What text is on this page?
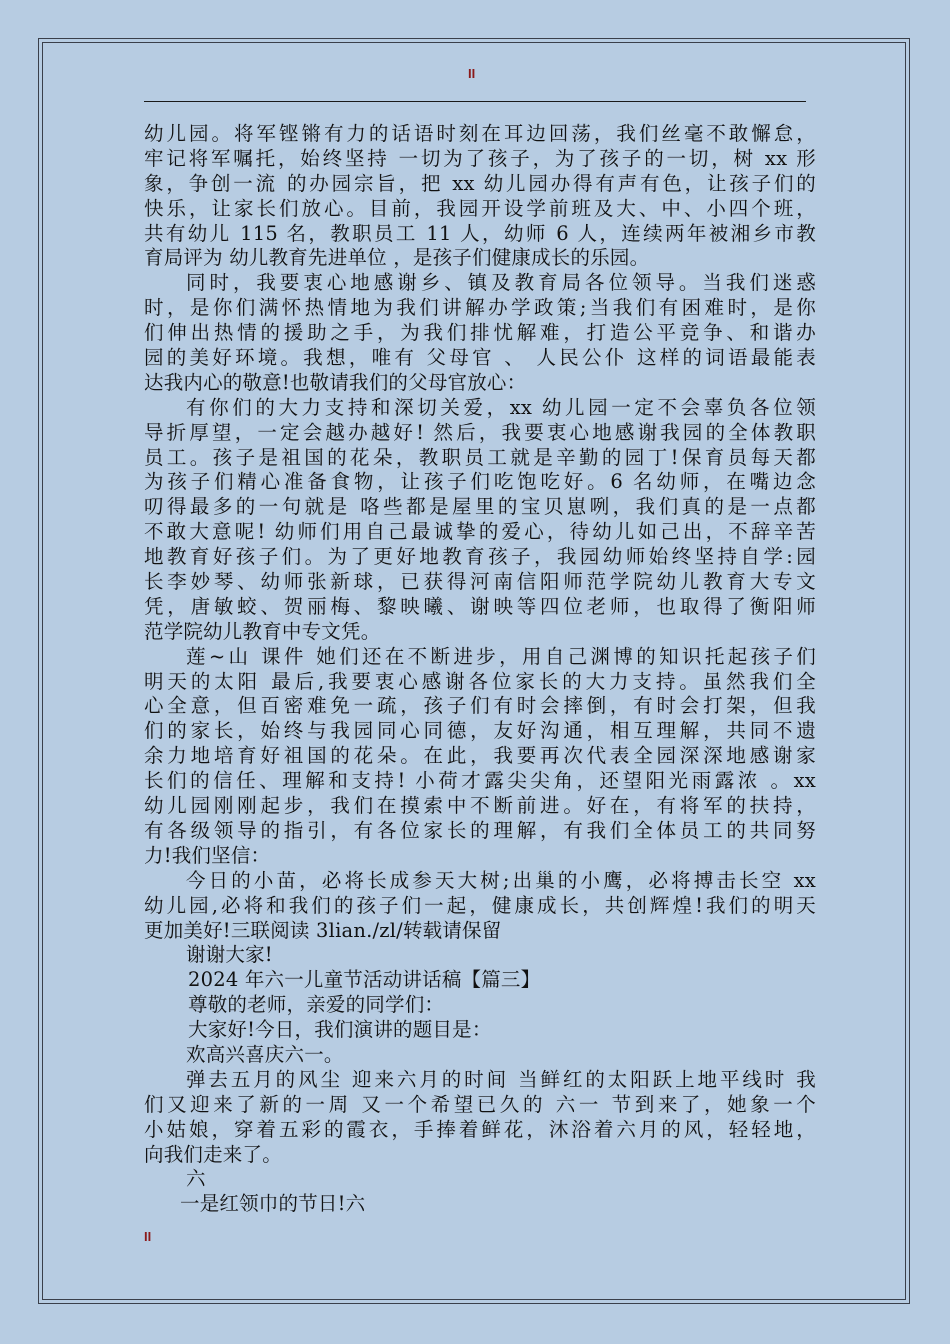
II
幼儿园。将军铿锵有力的话语时刻在耳边回荡，我们丝毫不敢懈怠，
牢记将军嘱托，始终坚持 一切为了孩子，为了孩子的一切，树 xx 形
象，争创一流 的办园宗旨，把 xx 幼儿园办得有声有色，让孩子们的
快乐，让家长们放心。目前，我园开设学前班及大、中、小四个班，
共有幼儿 115 名，教职员工 11 人，幼师 6 人，连续两年被湘乡市教
育局评为 幼儿教育先进单位 ，是孩子们健康成长的乐园。
同时，我要衷心地感谢乡、镇及教育局各位领导。当我们迷惑
时，是你们满怀热情地为我们讲解办学政策;当我们有困难时，是你
们伸出热情的援助之手，为我们排忧解难，打造公平竞争、和谐办
园的美好环境。我想，唯有 父母官 、 人民公仆 这样的词语最能表
达我内心的敬意!也敬请我们的父母官放心：
有你们的大力支持和深切关爱，xx 幼儿园一定不会辜负各位领
导折厚望，一定会越办越好! 然后，我要衷心地感谢我园的全体教职
员工。孩子是祖国的花朵，教职员工就是辛勤的园丁!保育员每天都
为孩子们精心准备食物，让孩子们吃饱吃好。6 名幼师，在嘴边念
叨得最多的一句就是 咯些都是屋里的宝贝崽咧，我们真的是一点都
不敢大意呢! 幼师们用自己最诚挚的爱心，待幼儿如己出，不辞辛苦
地教育好孩子们。为了更好地教育孩子，我园幼师始终坚持自学:园
长李妙琴、幼师张新球，已获得河南信阳师范学院幼儿教育大专文
凭，唐敏蛟、贺丽梅、黎映曦、谢映等四位老师，也取得了衡阳师
范学院幼儿教育中专文凭。
莲~山 课件 她们还在不断进步，用自己渊博的知识托起孩子们
明天的太阳 最后,我要衷心感谢各位家长的大力支持。虽然我们全
心全意，但百密难免一疏，孩子们有时会摔倒，有时会打架，但我
们的家长，始终与我园同心同德，友好沟通，相互理解，共同不遗
余力地培育好祖国的花朵。在此，我要再次代表全园深深地感谢家
长们的信任、理解和支持! 小荷才露尖尖角，还望阳光雨露浓 。xx
幼儿园刚刚起步，我们在摸索中不断前进。好在，有将军的扶持，
有各级领导的指引，有各位家长的理解，有我们全体员工的共同努
力!我们坚信：
今日的小苗，必将长成参天大树;出巢的小鹰，必将搏击长空 xx
幼儿园,必将和我们的孩子们一起，健康成长，共创辉煌!我们的明天
更加美好!三联阅读 3lian./zl/转载请保留
谢谢大家!
2024 年六一儿童节活动讲话稿【篇三】
尊敬的老师，亲爱的同学们：
大家好!今日，我们演讲的题目是：
欢高兴喜庆六一。
弹去五月的风尘 迎来六月的时间 当鲜红的太阳跃上地平线时 我
们又迎来了新的一周 又一个希望已久的 六一 节到来了，她象一个
小姑娘，穿着五彩的霞衣，手捧着鲜花，沐浴着六月的风，轻轻地，
向我们走来了。
六
一是红领巾的节日!六
II
